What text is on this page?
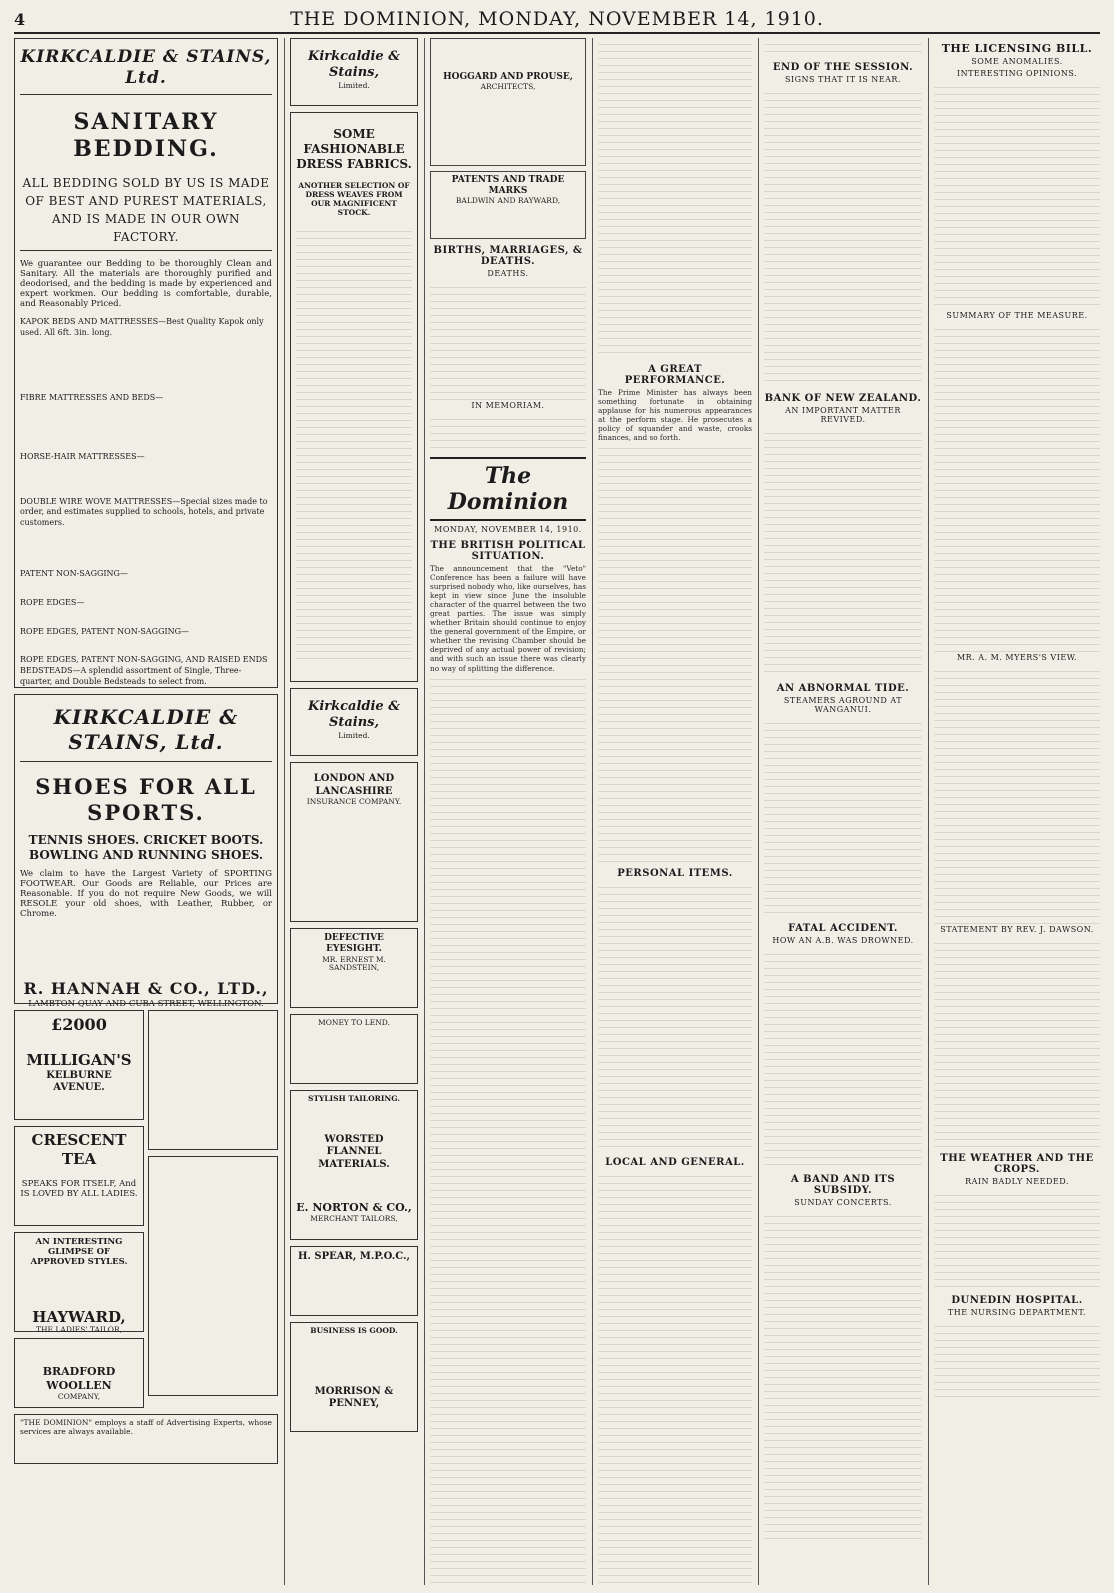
4	THE DOMINION, MONDAY, NOVEMBER 14, 1910.
KIRKCALDIE & STAINS, Ltd.
SANITARY BEDDING.
ALL BEDDING SOLD BY US IS MADE OF BEST AND PUREST MATERIALS, AND IS MADE IN OUR OWN FACTORY.
We guarantee our Bedding to be thoroughly Clean and Sanitary. All the materials are thoroughly purified and deodorised, and the bedding is made by experienced and expert workmen. Our bedding is comfortable, durable, and Reasonably Priced.

KAPOK BEDS AND MATTRESSES—Best Quality Kapok only used. All 6ft. 3in. long.

FIBRE MATTRESSES AND BEDS—

HORSE-HAIR MATTRESSES—

DOUBLE WIRE WOVE MATTRESSES—Special sizes made to order, and estimates supplied to schools, hotels, and private customers.

PATENT NON-SAGGING—

ROPE EDGES—

ROPE EDGES, PATENT NON-SAGGING—

ROPE EDGES, PATENT NON-SAGGING, AND RAISED ENDS BEDSTEADS—A splendid assortment of Single, Three-quarter, and Double Bedsteads to select from.

KIRKCALDIE & STAINS, Ltd.
SHOES FOR ALL SPORTS.
TENNIS SHOES. CRICKET BOOTS.
BOWLING AND RUNNING SHOES.
We claim to have the Largest Variety of SPORTING FOOTWEAR. Our Goods are Reliable, our Prices are Reasonable. If you do not require New Goods, we will RESOLE your old shoes, with Leather, Rubber, or Chrome.
R. HANNAH & CO., LTD.,
LAMBTON QUAY AND CUBA STREET, WELLINGTON.
£2000
MILLIGAN'S
KELBURNE AVENUE.
CRESCENT TEA
SPEAKS FOR ITSELF, And IS LOVED BY ALL LADIES.
AN INTERESTING GLIMPSE OF APPROVED STYLES.
HAYWARD,
THE LADIES' TAILOR,
BRADFORD WOOLLEN
COMPANY,
"THE DOMINION" employs a staff of Advertising Experts, whose services are always available.
Kirkcaldie & Stains,
Limited.
SOME FASHIONABLE DRESS FABRICS.
ANOTHER SELECTION OF DRESS WEAVES FROM OUR MAGNIFICENT STOCK.
Kirkcaldie & Stains,
Limited.
LONDON AND LANCASHIRE
INSURANCE COMPANY.
DEFECTIVE EYESIGHT.
MR. ERNEST M. SANDSTEIN,
MONEY TO LEND.
STYLISH TAILORING.
WORSTED
FLANNEL
MATERIALS.
E. NORTON & CO.,
MERCHANT TAILORS,
H. SPEAR, M.P.O.C.,
BUSINESS IS GOOD.
MORRISON & PENNEY,
HOGGARD AND PROUSE,
ARCHITECTS,
PATENTS AND TRADE MARKS
BALDWIN AND RAYWARD,
BIRTHS, MARRIAGES, & DEATHS.
DEATHS.
IN MEMORIAM.
The Dominion
MONDAY, NOVEMBER 14, 1910.
THE BRITISH POLITICAL SITUATION.
The announcement that the "Veto" Conference has been a failure will have surprised nobody who, like ourselves, has kept in view since June the insoluble character of the quarrel between the two great parties. The issue was simply whether Britain should continue to enjoy the general government of the Empire, or whether the revising Chamber should be deprived of any actual power of revision; and with such an issue there was clearly no way of splitting the difference.
A GREAT PERFORMANCE.
The Prime Minister has always been something fortunate in obtaining applause for his numerous appearances at the perform stage. He prosecutes a policy of squander and waste, crooks finances, and so forth.
PERSONAL ITEMS.
LOCAL AND GENERAL.
END OF THE SESSION.
SIGNS THAT IT IS NEAR.
BANK OF NEW ZEALAND.
AN IMPORTANT MATTER REVIVED.
AN ABNORMAL TIDE.
STEAMERS AGROUND AT WANGANUI.
FATAL ACCIDENT.
HOW AN A.B. WAS DROWNED.
A BAND AND ITS SUBSIDY.
SUNDAY CONCERTS.
THE LICENSING BILL.
SOME ANOMALIES.
INTERESTING OPINIONS.
SUMMARY OF THE MEASURE.
MR. A. M. MYERS'S VIEW.
STATEMENT BY REV. J. DAWSON.
THE WEATHER AND THE CROPS.
RAIN BADLY NEEDED.
DUNEDIN HOSPITAL.
THE NURSING DEPARTMENT.
